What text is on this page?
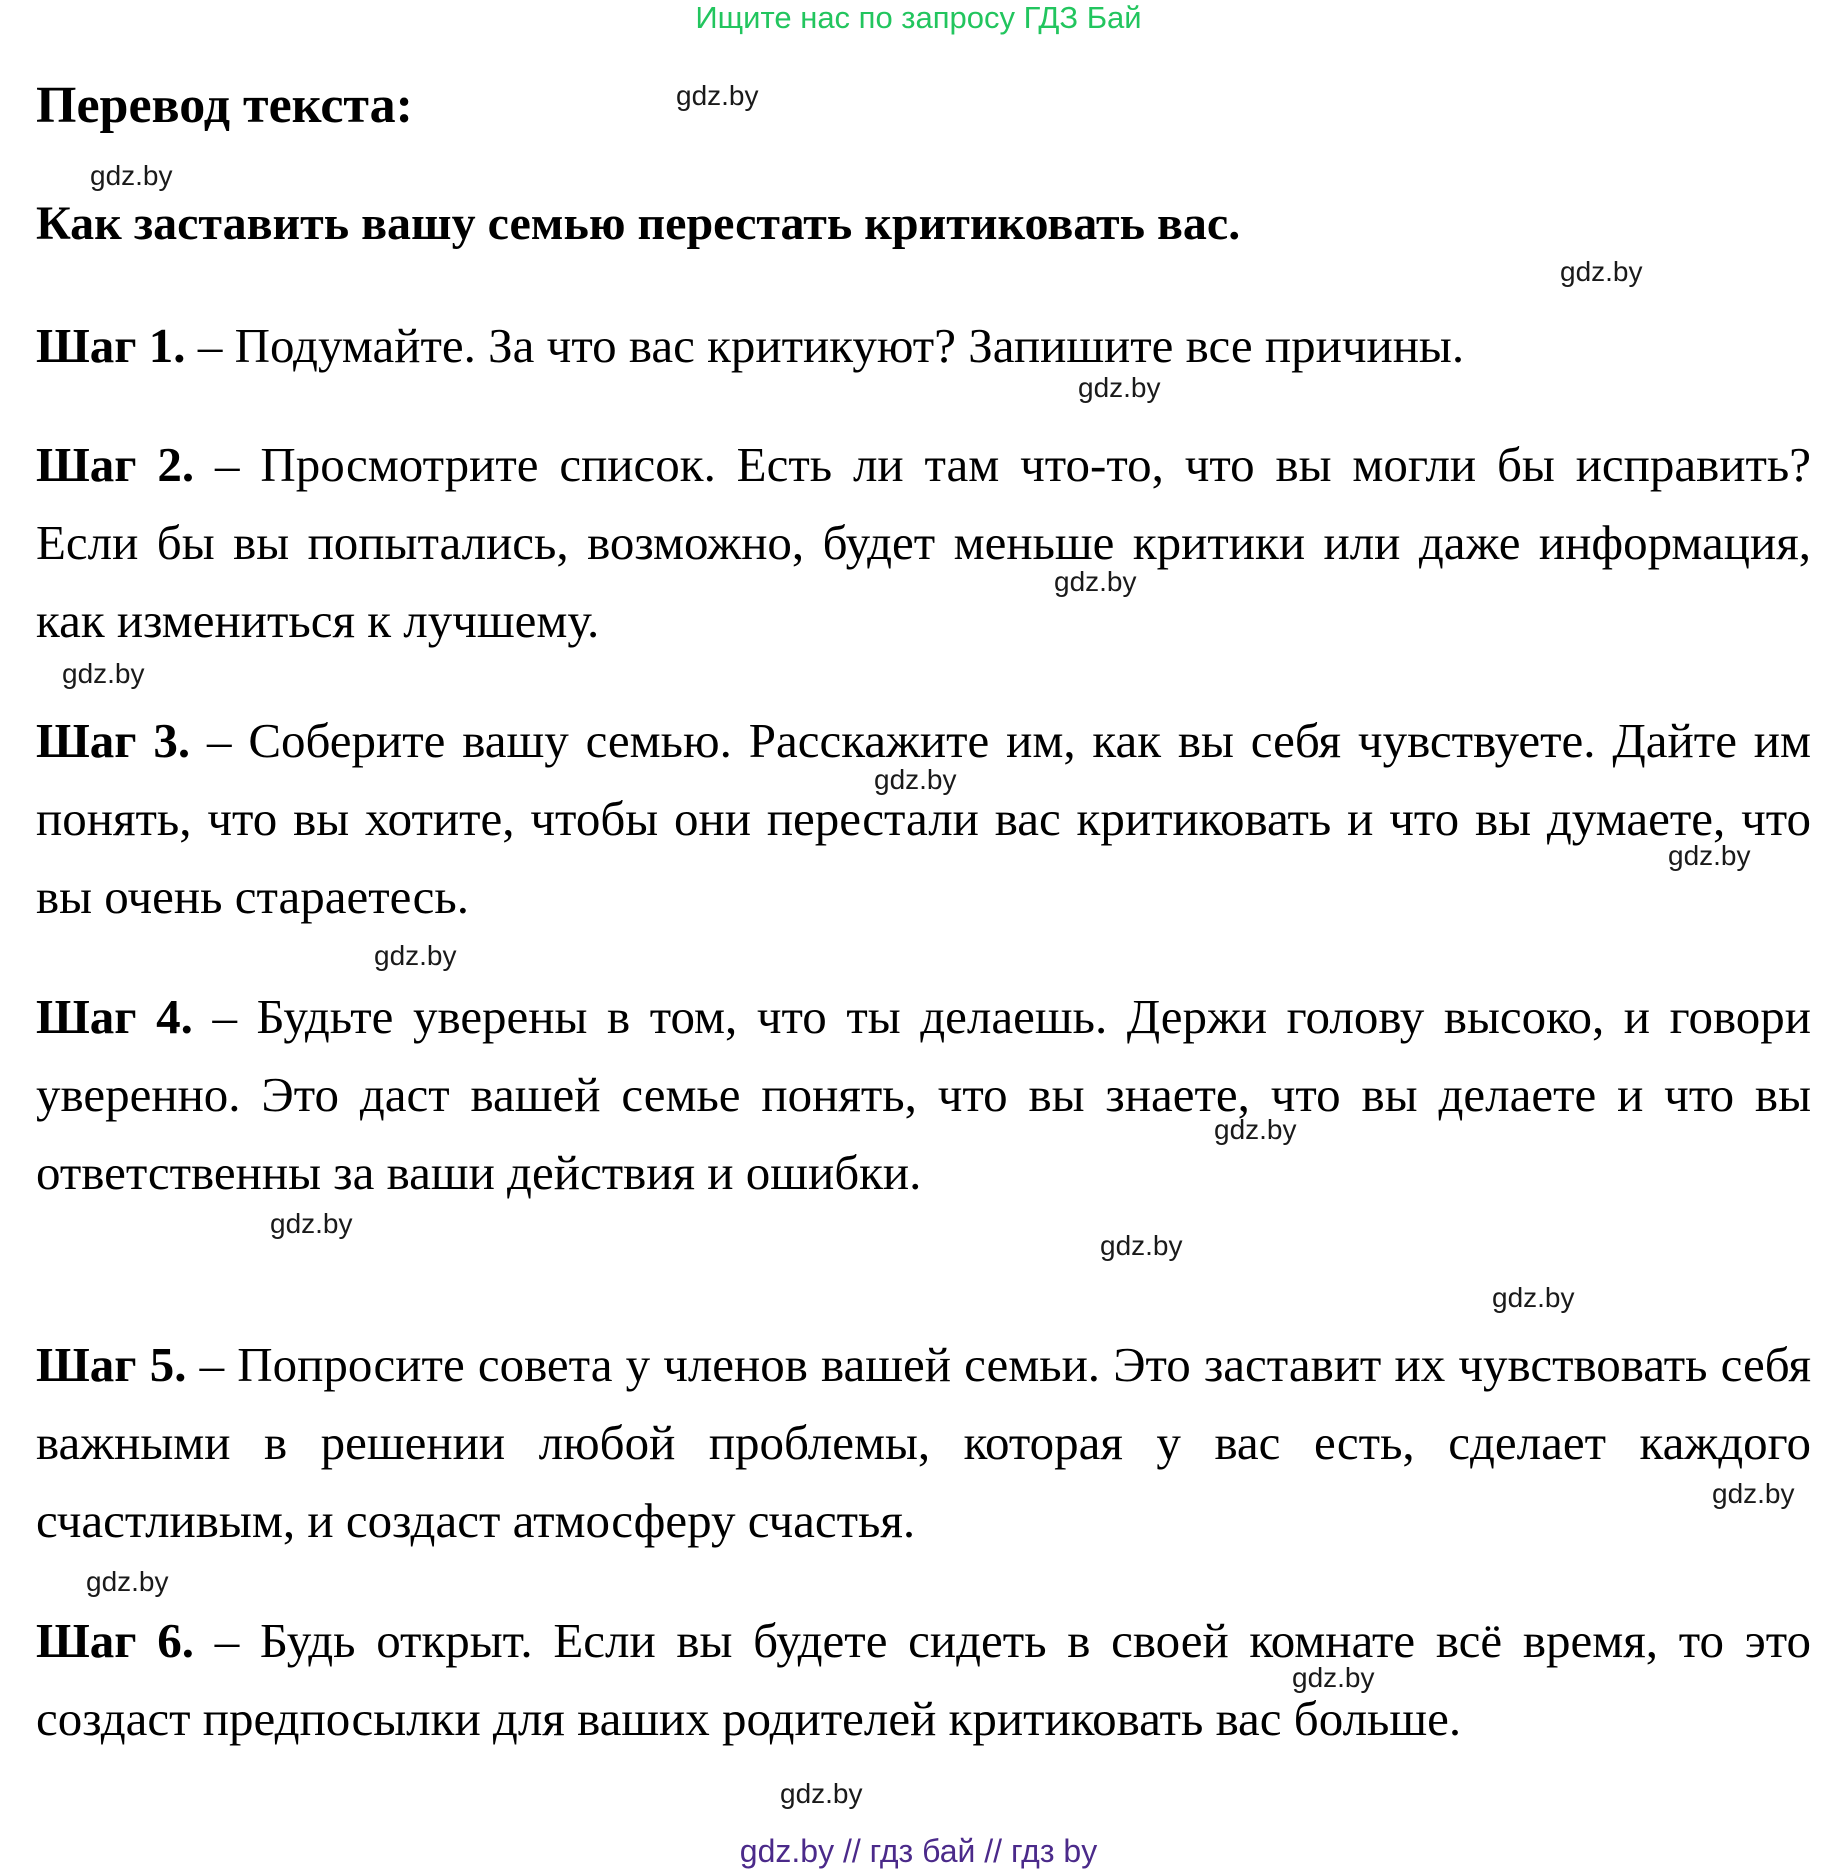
Ищите нас по запросу ГДЗ Бай
Перевод текста:
Как заставить вашу семью перестать критиковать вас.

Шаг 1. – Подумайте. За что вас критикуют? Запишите все причины.

Шаг 2. – Просмотрите список. Есть ли там что-то, что вы могли бы исправить? Если бы вы попытались, возможно, будет меньше критики или даже информация, как измениться к лучшему.

Шаг 3. – Соберите вашу семью. Расскажите им, как вы себя чувствуете. Дайте им понять, что вы хотите, чтобы они перестали вас критиковать и что вы думаете, что вы очень стараетесь.

Шаг 4. – Будьте уверены в том, что ты делаешь. Держи голову высоко, и говори уверенно. Это даст вашей семье понять, что вы знаете, что вы делаете и что вы ответственны за ваши действия и ошибки.

Шаг 5. – Попросите совета у членов вашей семьи. Это заставит их чувствовать себя важными в решении любой проблемы, которая у вас есть, сделает каждого счастливым, и создаст атмосферу счастья.

Шаг 6. – Будь открыт. Если вы будете сидеть в своей комнате всё время, то это создаст предпосылки для ваших родителей критиковать вас больше.

gdz.by
gdz.by
gdz.by
gdz.by
gdz.by
gdz.by
gdz.by
gdz.by
gdz.by
gdz.by
gdz.by
gdz.by
gdz.by
gdz.by
gdz.by
gdz.by
gdz.by // гдз бай // гдз by
gdz.by
